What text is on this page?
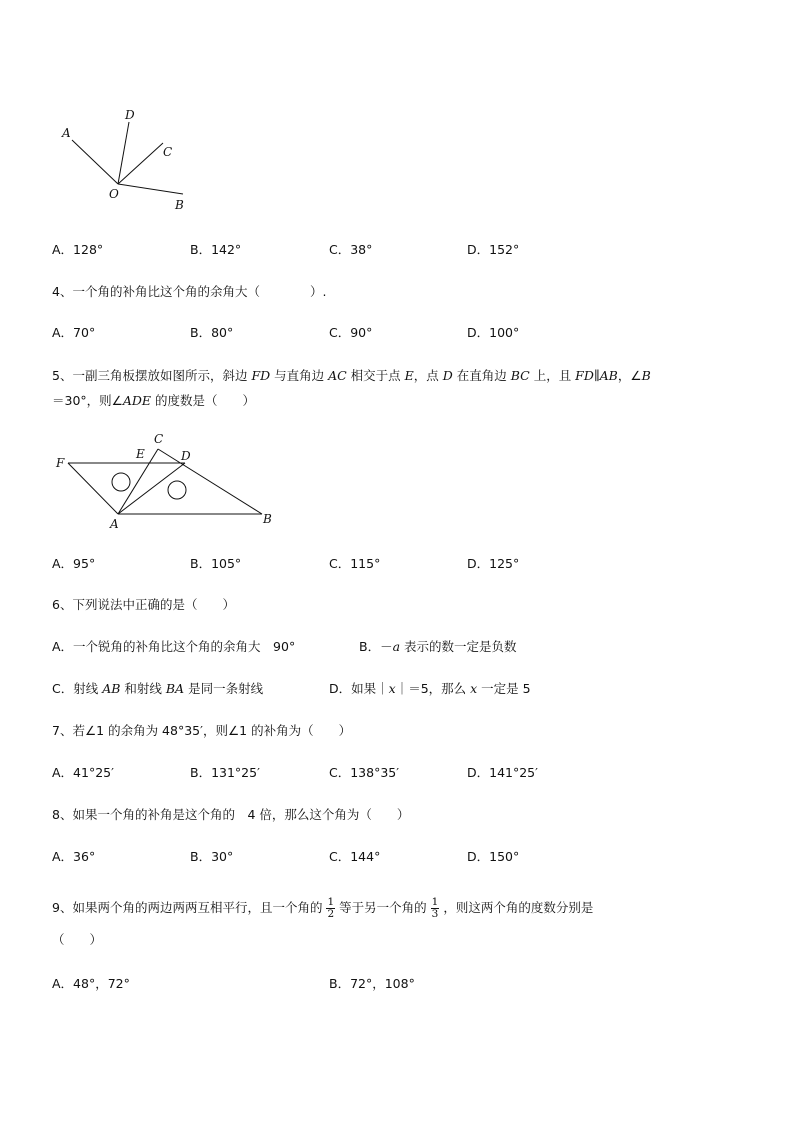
A
D
C
O
B
A．128°	B．142°	C．38°	D．152°
4、一个角的补角比这个角的余角大（　　　　）.
A．70°	B．80°	C．90°	D．100°
5、一副三角板摆放如图所示，斜边 FD 与直角边 AC 相交于点 E，点 D 在直角边 BC 上，且 FD∥AB，∠B
＝30°，则∠ADE 的度数是（　　）
F
E
C
D
A	B
A．95°	B．105°	C．115°	D．125°
6、下列说法中正确的是（　　）
A．一个锐角的补角比这个角的余角大　90°	B．－a 表示的数一定是负数
C．射线 AB 和射线 BA 是同一条射线	D．如果｜x｜＝5，那么 x 一定是 5
7、若∠1 的余角为 48°35′，则∠1 的补角为（　　）
A．41°25′	B．131°25′	C．138°35′	D．141°25′
8、如果一个角的补角是这个角的　4 倍，那么这个角为（　　）
A．36°	B．30°	C．144°	D．150°
9、如果两个角的两边两两互相平行，且一个角的 $\frac{1}{2}$ 等于另一个角的 $\frac{1}{3}$ ，则这两个角的度数分别是
（　　）
A．48°，72°	B．72°，108°
